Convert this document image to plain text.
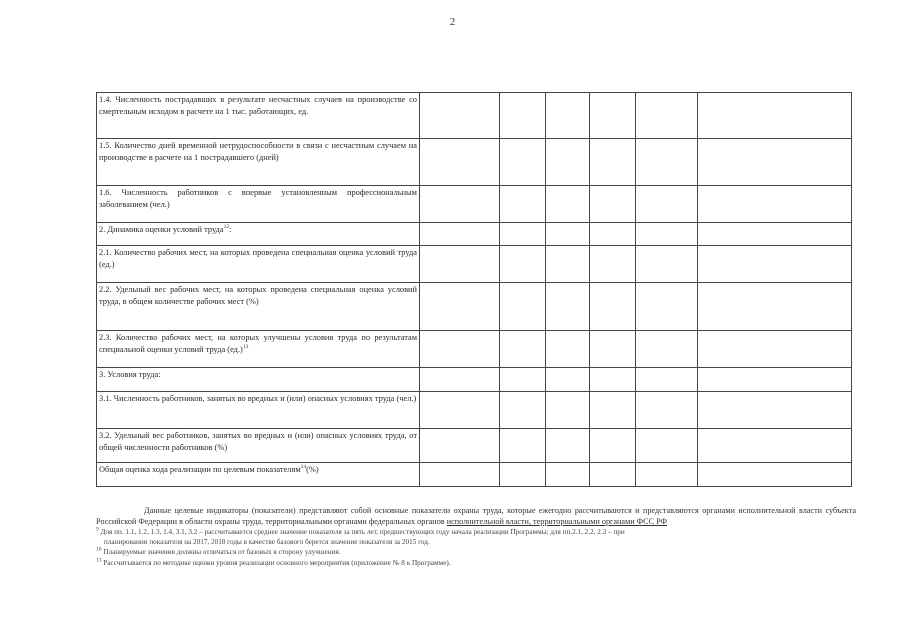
2
1.4. Численность пострадавших в результате несчастных случаев на производстве со смертельным исходом в расчете на 1 тыс. работающих, ед.						
1.5. Количество дней временной нетрудоспособности в связи с несчастным случаем на производстве в расчете на 1 пострадавшего (дней)						
1.6. Численность работников с впервые установленным профессиональным заболеванием (чел.)						
2. Динамика оценки условий труда$^{12}$:						
2.1. Количество рабочих мест, на которых проведена специальная оценка условий труда (ед.)						
2.2. Удельный вес рабочих мест, на которых проведена специальная оценка условий труда, в общем количестве рабочих мест (%)						
2.3. Количество рабочих мест, на которых улучшены условия труда по результатам специальной оценки условий труда $(ед.)^{13}$						
3. Условия труда:						
3.1. Численность работников, занятых во вредных и (или) опасных условиях труда (чел.)						
3.2. Удельный вес работников, занятых во вредных и (или) опасных условиях труда, от общей численности работников (%)						
Общая оценка хода реализации по целевым показателям$^{14}$(%)						

Данные целевые индикаторы (показатели) представляют собой основные показатели охраны труда, которые ежегодно рассчитываются и представляются органами исполнительной власти субъекта Российской Федерации в области охраны труда, территориальными органами федеральных органов исполнительной власти, территориальными органами ФСС РФ

$^9$ Для пп. 1.1, 1.2, 1.3, 1.4, 3.1, 3.2 – рассчитывается среднее значение показателя за пять лет, предшествующих году начала реализации Программы; для пп.2.1, 2.2, 2.3 – при
планировании показателя на 2017, 2018 годы в качестве базового берется значение показателя за 2015 год.

$^{10}$ Планируемые значения должны отличаться от базовых в сторону улучшения.

$^{13}$ Рассчитывается по методике оценки уровня реализации основного мероприятия (приложение № 8 к Программе).
